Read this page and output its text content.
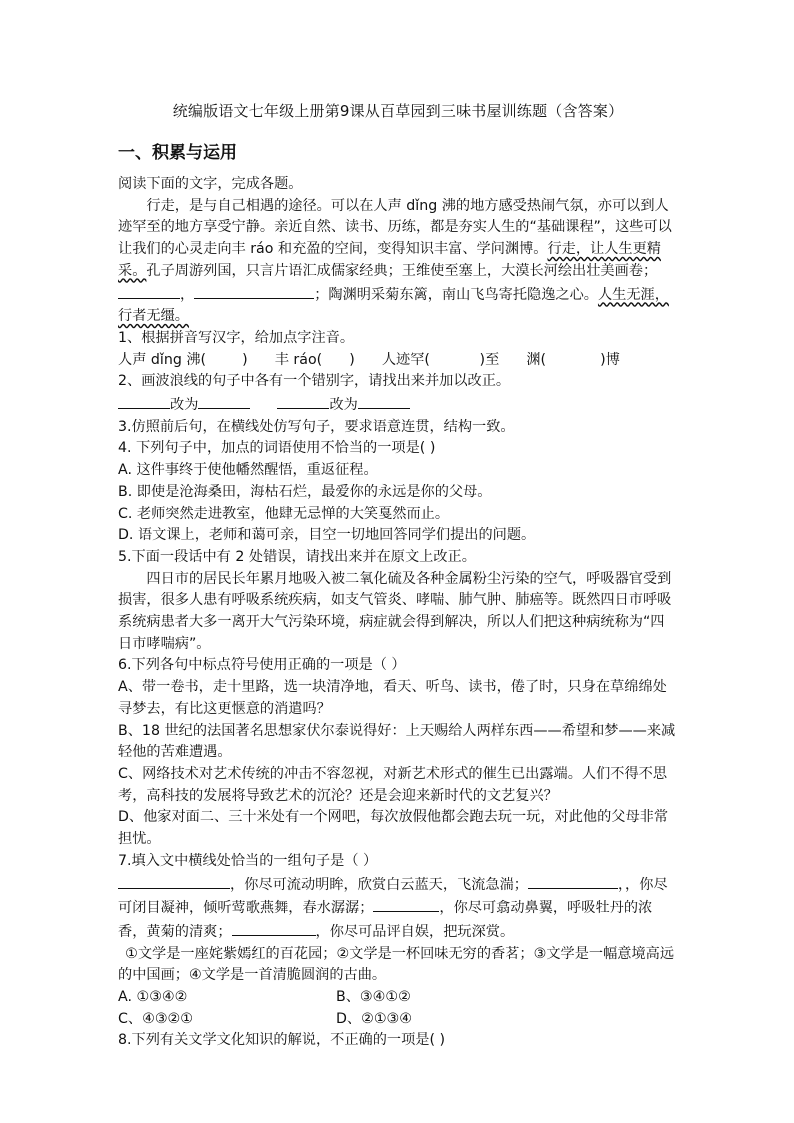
统编版语文七年级上册第9课从百草园到三味书屋训练题（含答案）

一、积累与运用

阅读下面的文字，完成各题。

行走，是与自己相遇的途径。可以在人声 dǐng 沸的地方感受热闹气氛，亦可以到人迹罕至的地方享受宁静。亲近自然、读书、历练，都是夯实人生的“基础课程”，这些可以让我们的心灵走向丰 ráo 和充盈的空间，变得知识丰富、学问渊博。行走，让人生更精采。孔子周游列国，只言片语汇成儒家经典；王维使至塞上，大漠长河绘出壮美画卷；，	；陶渊明采菊东篱，南山飞鸟寄托隐逸之心。人生无涯，行者无缰。

1、根据拼音写汉字，给加点字注音。

人声 dǐng 沸(        )      丰 ráo(      )      人迹罕(           )至      渊(            )博

2、画波浪线的句子中各有一个错别字，请找出来并加以改正。

改为	改为

3.仿照前后句，在横线处仿写句子，要求语意连贯，结构一致。

4. 下列句子中，加点的词语使用不恰当的一项是( )

A. 这件事终于使他幡然醒悟，重返征程。

B. 即使是沧海桑田，海枯石烂，最爱你的永远是你的父母。

C. 老师突然走进教室，他肆无忌惮的大笑戛然而止。

D. 语文课上，老师和蔼可亲，目空一切地回答同学们提出的问题。

5.下面一段话中有 2 处错误，请找出来并在原文上改正。

四日市的居民长年累月地吸入被二氧化硫及各种金属粉尘污染的空气，呼吸器官受到损害，很多人患有呼吸系统疾病，如支气管炎、哮喘、肺气肿、肺癌等。既然四日市呼吸系统病患者大多一离开大气污染环境，病症就会得到解决，所以人们把这种病统称为“四日市哮喘病”。

6.下列各句中标点符号使用正确的一项是（ ）

A、带一卷书，走十里路，选一块清净地，看天、听鸟、读书，倦了时，只身在草绵绵处寻梦去，有比这更惬意的消遣吗？

B、18 世纪的法国著名思想家伏尔泰说得好：上天赐给人两样东西——希望和梦——来减轻他的苦难遭遇。

C、网络技术对艺术传统的冲击不容忽视，对新艺术形式的催生已出露端。人们不得不思考，高科技的发展将导致艺术的沉沦？还是会迎来新时代的文艺复兴？

D、他家对面二、三十米处有一个网吧，每次放假他都会跑去玩一玩，对此他的父母非常担忧。

7.填入文中横线处恰当的一组句子是（ ）

，你尽可流动明眸，欣赏白云蓝天，飞流急湍；	，，你尽可闭目凝神，倾听莺歌燕舞，春水潺潺；	，你尽可翕动鼻翼，呼吸牡丹的浓香，黄菊的清爽；	，你尽可品评自娱，把玩深赏。

①文学是一座姹紫嫣红的百花园；②文学是一杯回味无穷的香茗；③文学是一幅意境高远的中国画；④文学是一首清脆圆润的古曲。

A. ①③④②	B、③④①②
C、④③②①	D、②①③④

8.下列有关文学文化知识的解说，不正确的一项是( )
